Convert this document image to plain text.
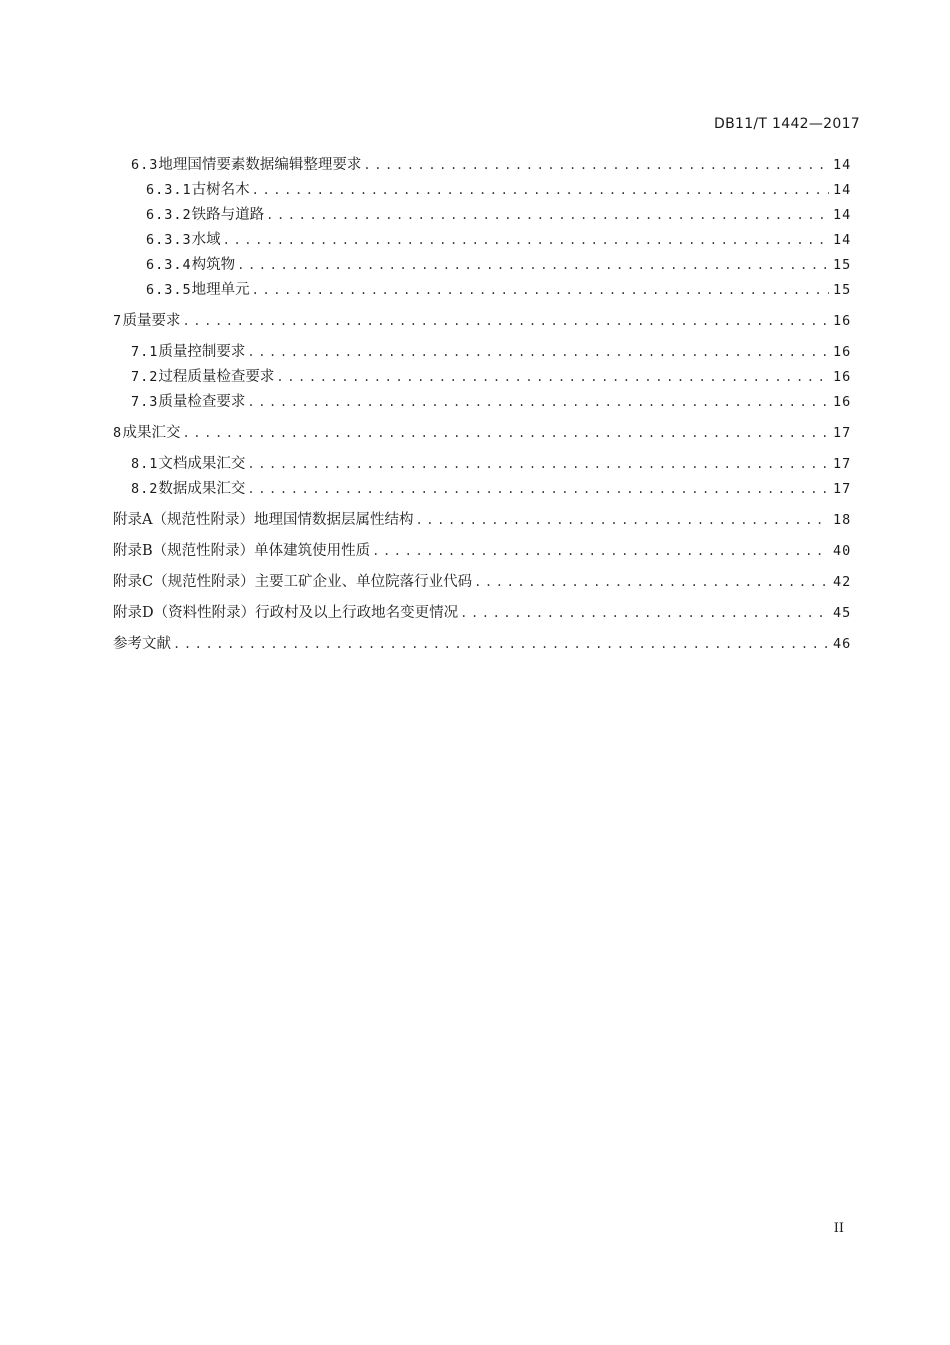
DB11/T 1442—2017
6.3 地理国情要素数据编辑整理要求 .....	14
6.3.1 古树名木 .....	14
6.3.2 铁路与道路 .....	14
6.3.3 水域 .....	14
6.3.4 构筑物 .....	15
6.3.5 地理单元 .....	15
7 质量要求 .....	16
7.1 质量控制要求 .....	16
7.2 过程质量检查要求 .....	16
7.3 质量检查要求 .....	16
8 成果汇交 .....	17
8.1 文档成果汇交 .....	17
8.2 数据成果汇交 .....	17
附录A（规范性附录） 地理国情数据层属性结构 .....	18
附录B（规范性附录） 单体建筑使用性质 .....	40
附录C（规范性附录） 主要工矿企业、单位院落行业代码 .....	42
附录D（资料性附录） 行政村及以上行政地名变更情况 .....	45
参考文献 .....	46
II
